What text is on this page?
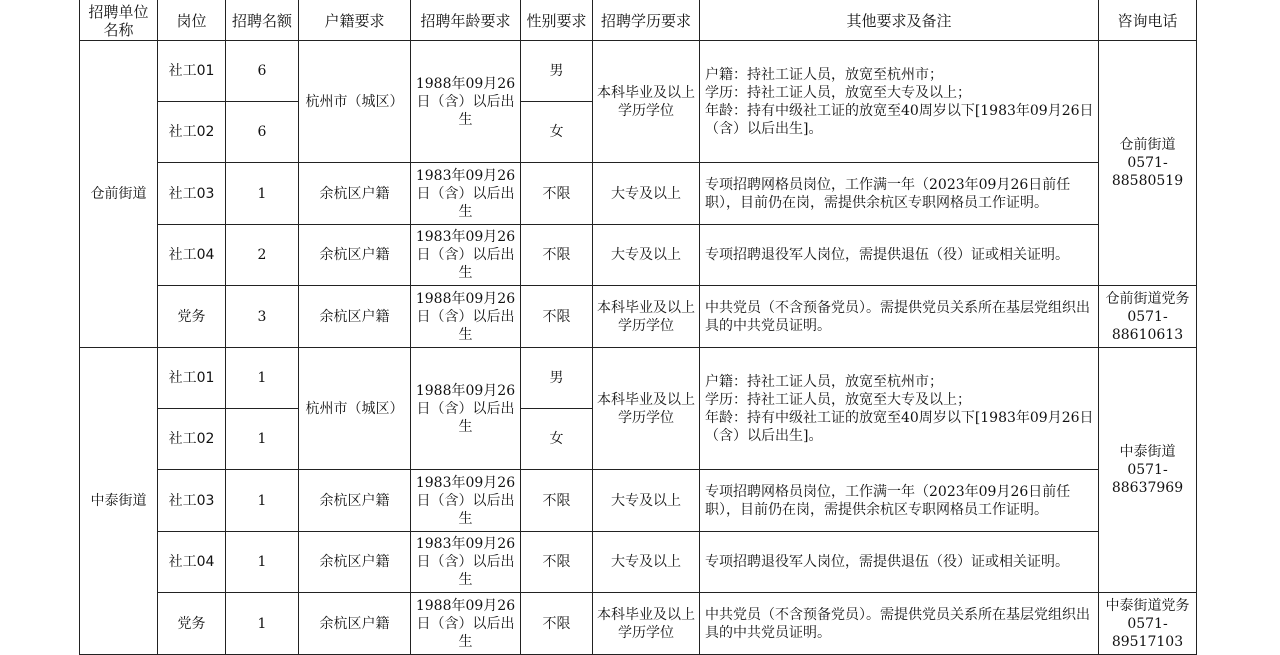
招聘单位名称	岗位	招聘名额	户籍要求	招聘年龄要求	性别要求	招聘学历要求	其他要求及备注	咨询电话
仓前街道	社工01	6	杭州市（城区）	1988年09月26日（含）以后出生	男	本科毕业及以上学历学位	户籍：持社工证人员，放宽至杭州市；
学历：持社工证人员，放宽至大专及以上；
年龄：持有中级社工证的放宽至40周岁以下[1983年09月26日
（含）以后出生]。	仓前街道0571-88580519
	社工02	6			女			
	社工03	1	余杭区户籍	1983年09月26日（含）以后出生	不限	大专及以上	专项招聘网格员岗位，工作满一年（2023年09月26日前任职），目前仍在岗，需提供余杭区专职网格员工作证明。	
	社工04	2	余杭区户籍	1983年09月26日（含）以后出生	不限	大专及以上	专项招聘退役军人岗位，需提供退伍（役）证或相关证明。	
	党务	3	余杭区户籍	1988年09月26日（含）以后出生	不限	本科毕业及以上学历学位	中共党员（不含预备党员）。需提供党员关系所在基层党组织出具的中共党员证明。	仓前街道党务0571-88610613
中泰街道	社工01	1	杭州市（城区）	1988年09月26日（含）以后出生	男	本科毕业及以上学历学位	户籍：持社工证人员，放宽至杭州市；
学历：持社工证人员，放宽至大专及以上；
年龄：持有中级社工证的放宽至40周岁以下[1983年09月26日
（含）以后出生]。	中泰街道0571-88637969
	社工02	1			女			
	社工03	1	余杭区户籍	1983年09月26日（含）以后出生	不限	大专及以上	专项招聘网格员岗位，工作满一年（2023年09月26日前任职），目前仍在岗，需提供余杭区专职网格员工作证明。	
	社工04	1	余杭区户籍	1983年09月26日（含）以后出生	不限	大专及以上	专项招聘退役军人岗位，需提供退伍（役）证或相关证明。	
	党务	1	余杭区户籍	1988年09月26日（含）以后出生	不限	本科毕业及以上学历学位	中共党员（不含预备党员）。需提供党员关系所在基层党组织出具的中共党员证明。	中泰街道党务0571-89517103
